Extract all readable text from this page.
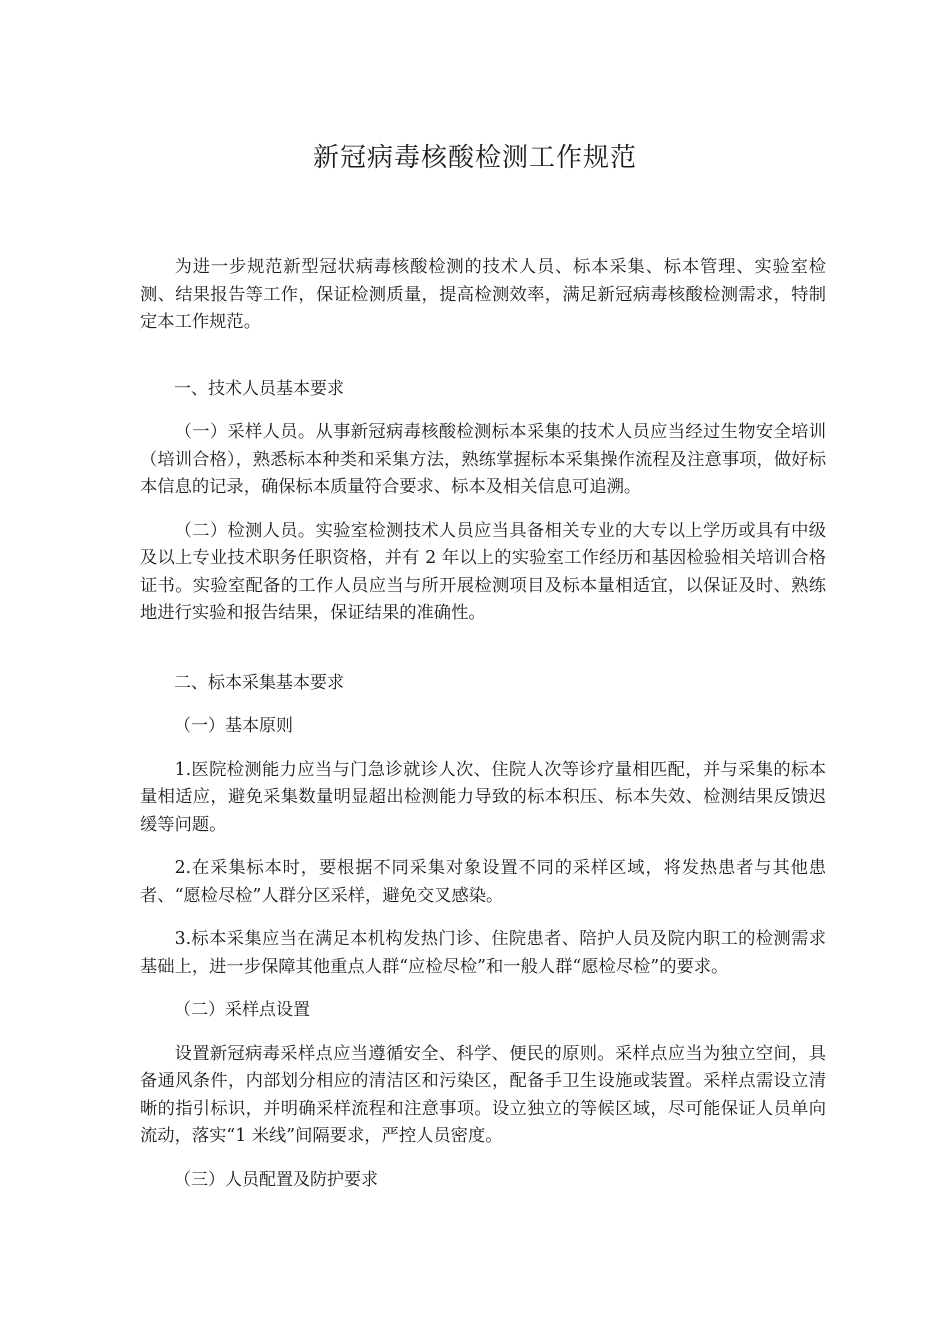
新冠病毒核酸检测工作规范

为进一步规范新型冠状病毒核酸检测的技术人员、标本采集、标本管理、实验室检测、结果报告等工作，保证检测质量，提高检测效率，满足新冠病毒核酸检测需求，特制定本工作规范。

一、技术人员基本要求

（一）采样人员。从事新冠病毒核酸检测标本采集的技术人员应当经过生物安全培训（培训合格），熟悉标本种类和采集方法，熟练掌握标本采集操作流程及注意事项，做好标本信息的记录，确保标本质量符合要求、标本及相关信息可追溯。

（二）检测人员。实验室检测技术人员应当具备相关专业的大专以上学历或具有中级及以上专业技术职务任职资格，并有 2 年以上的实验室工作经历和基因检验相关培训合格证书。实验室配备的工作人员应当与所开展检测项目及标本量相适宜，以保证及时、熟练地进行实验和报告结果，保证结果的准确性。

二、标本采集基本要求

（一）基本原则

1.医院检测能力应当与门急诊就诊人次、住院人次等诊疗量相匹配，并与采集的标本量相适应，避免采集数量明显超出检测能力导致的标本积压、标本失效、检测结果反馈迟缓等问题。

2.在采集标本时，要根据不同采集对象设置不同的采样区域，将发热患者与其他患者、“愿检尽检”人群分区采样，避免交叉感染。

3.标本采集应当在满足本机构发热门诊、住院患者、陪护人员及院内职工的检测需求基础上，进一步保障其他重点人群“应检尽检”和一般人群“愿检尽检”的要求。

（二）采样点设置

设置新冠病毒采样点应当遵循安全、科学、便民的原则。采样点应当为独立空间，具备通风条件，内部划分相应的清洁区和污染区，配备手卫生设施或装置。采样点需设立清晰的指引标识，并明确采样流程和注意事项。设立独立的等候区域，尽可能保证人员单向流动，落实“1 米线”间隔要求，严控人员密度。

（三）人员配置及防护要求
